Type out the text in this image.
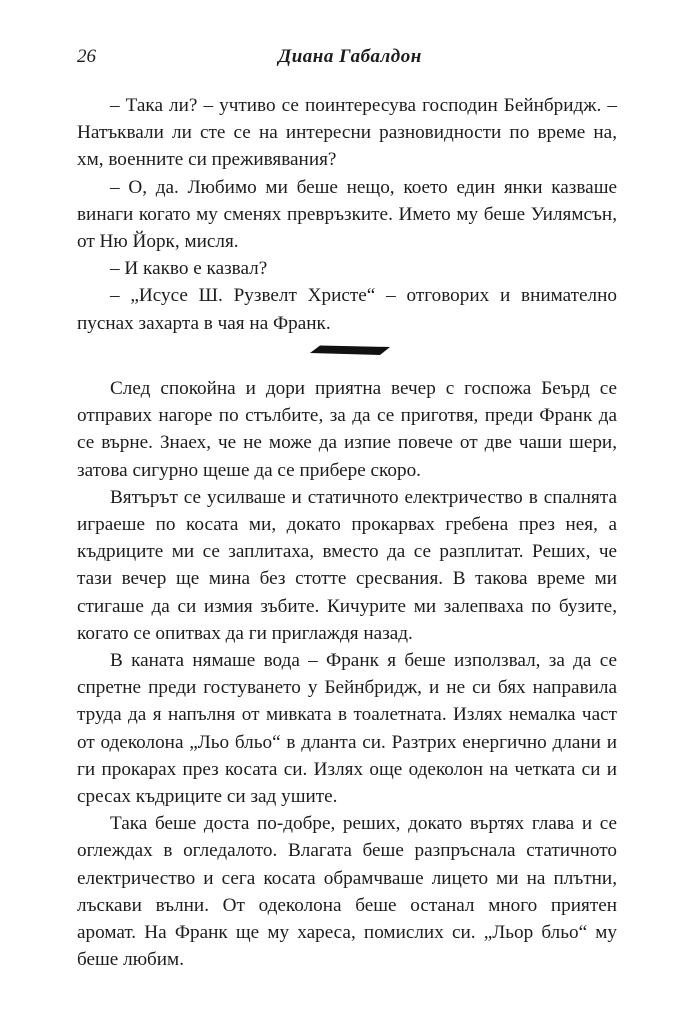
26	Диана Габалдон

– Така ли? – учтиво се поинтересува господин Бейнбридж. – Натъквали ли сте се на интересни разновидности по време на, хм, военните си преживявания?

– О, да. Любимо ми беше нещо, което един янки казваше винаги когато му сменях превръзките. Името му беше Уилямсън, от Ню Йорк, мисля.

– И какво е казвал?

– „Исусе Ш. Рузвелт Христе“ – отговорих и внимателно пуснах захарта в чая на Франк.

След спокойна и дори приятна вечер с госпожа Беърд се отправих нагоре по стълбите, за да се приготвя, преди Франк да се върне. Знаех, че не може да изпие повече от две чаши шери, затова сигурно щеше да се прибере скоро.

Вятърът се усилваше и статичното електричество в спалнята играеше по косата ми, докато прокарвах гребена през нея, а къдриците ми се заплитаха, вместо да се разплитат. Реших, че тази вечер ще мина без стотте сресвания. В такова време ми стигаше да си измия зъбите. Кичурите ми залепваха по бузите, когато се опитвах да ги приглаждя назад.

В каната нямаше вода – Франк я беше използвал, за да се спретне преди гостуването у Бейнбридж, и не си бях направила труда да я напълня от мивката в тоалетната. Излях немалка част от одеколона „Льо бльо“ в дланта си. Разтрих енергично длани и ги прокарах през косата си. Излях още одеколон на четката си и сресах къдриците си зад ушите.

Така беше доста по-добре, реших, докато въртях глава и се оглеждах в огледалото. Влагата беше разпръснала статичното електричество и сега косата обрамчваше лицето ми на плътни, лъскави вълни. От одеколона беше останал много приятен аромат. На Франк ще му хареса, помислих си. „Льор бльо“ му беше любим.
